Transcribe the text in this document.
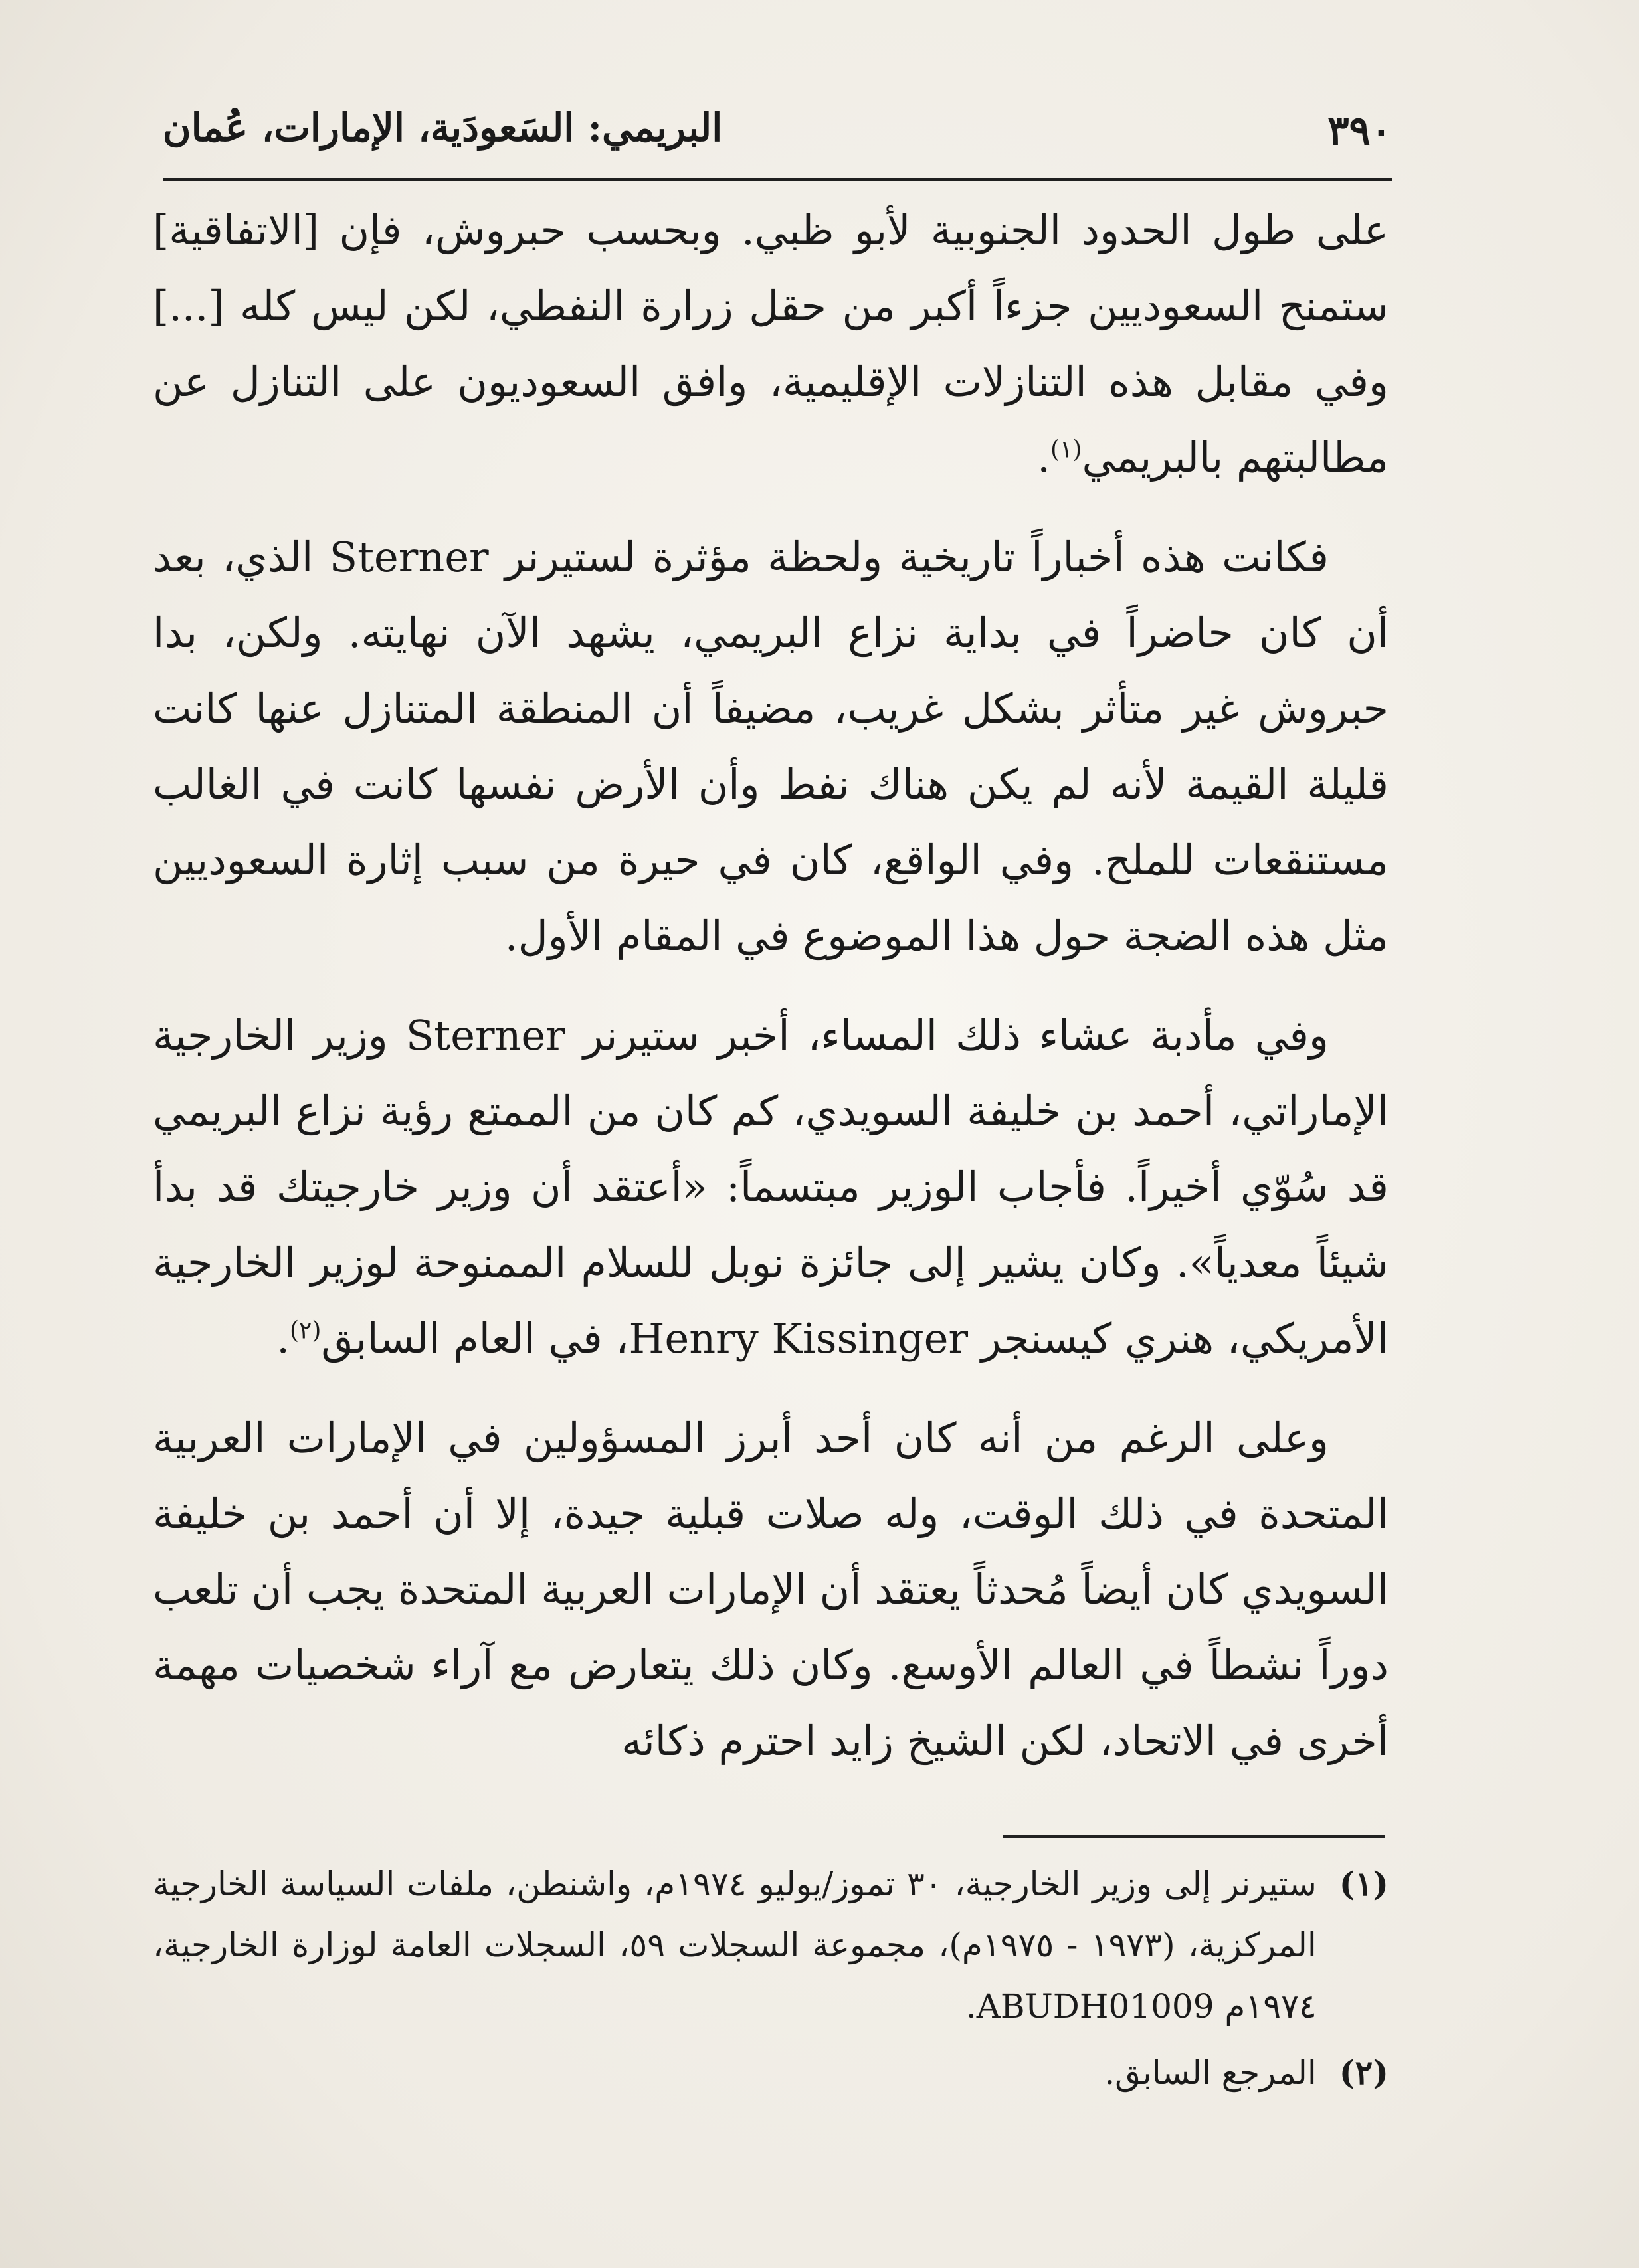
البريمي: السَعودَية، الإمارات، عُمان	٣٩٠

على طول الحدود الجنوبية لأبو ظبي. وبحسب حبروش، فإن [الاتفاقية] ستمنح السعوديين جزءاً أكبر من حقل زرارة النفطي، لكن ليس كله [...] وفي مقابل هذه التنازلات الإقليمية، وافق السعوديون على التنازل عن مطالبتهم بالبريمي$^{(١)}$.

فكانت هذه أخباراً تاريخية ولحظة مؤثرة لستيرنر Sterner الذي، بعد أن كان حاضراً في بداية نزاع البريمي، يشهد الآن نهايته. ولكن، بدا حبروش غير متأثر بشكل غريب، مضيفاً أن المنطقة المتنازل عنها كانت قليلة القيمة لأنه لم يكن هناك نفط وأن الأرض نفسها كانت في الغالب مستنقعات للملح. وفي الواقع، كان في حيرة من سبب إثارة السعوديين مثل هذه الضجة حول هذا الموضوع في المقام الأول.

وفي مأدبة عشاء ذلك المساء، أخبر ستيرنر Sterner وزير الخارجية الإماراتي، أحمد بن خليفة السويدي، كم كان من الممتع رؤية نزاع البريمي قد سُوّي أخيراً. فأجاب الوزير مبتسماً: «أعتقد أن وزير خارجيتك قد بدأ شيئاً معدياً». وكان يشير إلى جائزة نوبل للسلام الممنوحة لوزير الخارجية الأمريكي، هنري كيسنجر Henry Kissinger، في العام السابق$^{(٢)}$.

وعلى الرغم من أنه كان أحد أبرز المسؤولين في الإمارات العربية المتحدة في ذلك الوقت، وله صلات قبلية جيدة، إلا أن أحمد بن خليفة السويدي كان أيضاً مُحدثاً يعتقد أن الإمارات العربية المتحدة يجب أن تلعب دوراً نشطاً في العالم الأوسع. وكان ذلك يتعارض مع آراء شخصيات مهمة أخرى في الاتحاد، لكن الشيخ زايد احترم ذكائه

(١)
ستيرنر إلى وزير الخارجية، ٣٠ تموز/يوليو ١٩٧٤م، واشنطن، ملفات السياسة الخارجية المركزية، (١٩٧٣ - ١٩٧٥م)، مجموعة السجلات ٥٩، السجلات العامة لوزارة الخارجية، ١٩٧٤م ABUDH01009.
(٢)
المرجع السابق.
